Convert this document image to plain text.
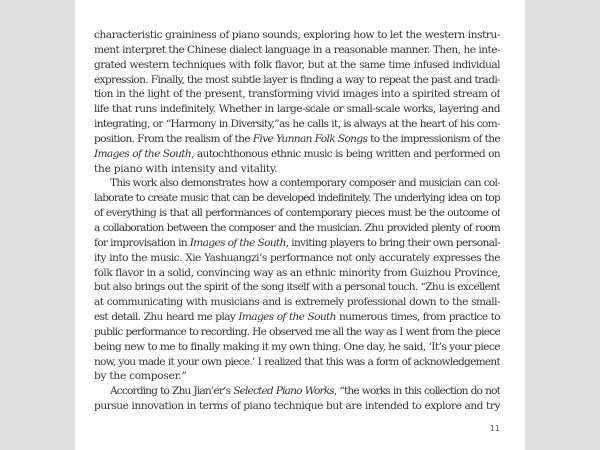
characteristic graininess of piano sounds, exploring how to let the western instru-
ment interpret the Chinese dialect language in a reasonable manner. Then, he inte-
grated western techniques with folk flavor, but at the same time infused individual
expression. Finally, the most subtle layer is finding a way to repeat the past and tradi-
tion in the light of the present, transforming vivid images into a spirited stream of
life that runs indefinitely. Whether in large-scale or small-scale works, layering and
integrating, or “Harmony in Diversity,”as he calls it, is always at the heart of his com-
position. From the realism of the Five Yunnan Folk Songs to the impressionism of the
Images of the South, autochthonous ethnic music is being written and performed on
the piano with intensity and vitality.
This work also demonstrates how a contemporary composer and musician can col-
laborate to create music that can be developed indefinitely. The underlying idea on top
of everything is that all performances of contemporary pieces must be the outcome of
a collaboration between the composer and the musician. Zhu provided plenty of room
for improvisation in Images of the South, inviting players to bring their own personal-
ity into the music. Xie Yashuangzi’s performance not only accurately expresses the
folk flavor in a solid, convincing way as an ethnic minority from Guizhou Province,
but also brings out the spirit of the song itself with a personal touch. “Zhu is excellent
at communicating with musicians and is extremely professional down to the small-
est detail. Zhu heard me play Images of the South numerous times, from practice to
public performance to recording. He observed me all the way as I went from the piece
being new to me to finally making it my own thing. One day, he said, ‘It’s your piece
now, you made it your own piece.’ I realized that this was a form of acknowledgement
by the composer.”
According to Zhu Jian’er’s Selected Piano Works, “the works in this collection do not
pursue innovation in terms of piano technique but are intended to explore and try
11
